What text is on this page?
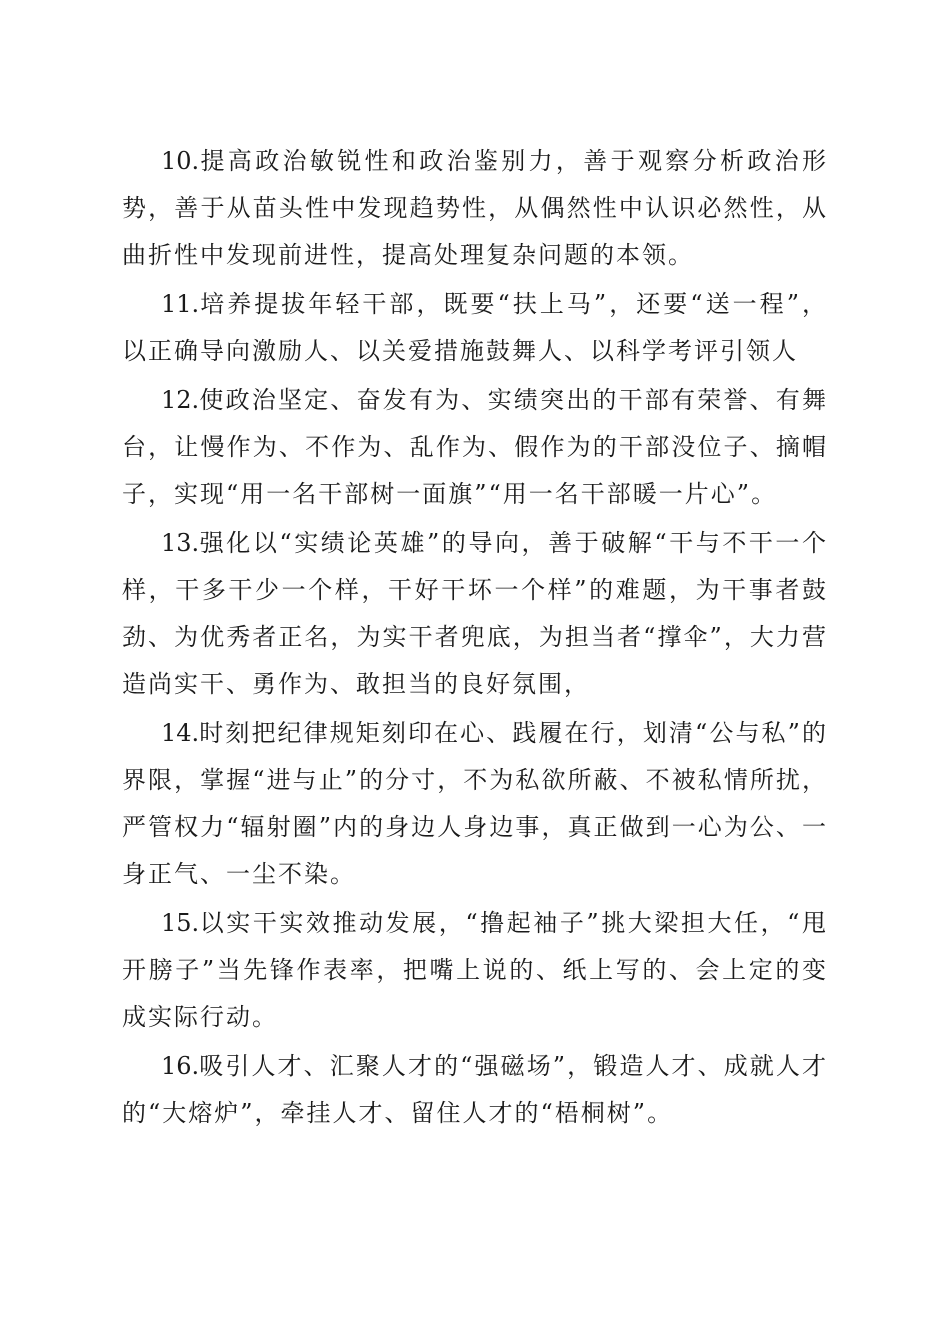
10.提高政治敏锐性和政治鉴别力，善于观察分析政治形势，善于从苗头性中发现趋势性，从偶然性中认识必然性，从曲折性中发现前进性，提高处理复杂问题的本领。

11.培养提拔年轻干部，既要“扶上马”，还要“送一程”，以正确导向激励人、以关爱措施鼓舞人、以科学考评引领人

12.使政治坚定、奋发有为、实绩突出的干部有荣誉、有舞台，让慢作为、不作为、乱作为、假作为的干部没位子、摘帽子，实现“用一名干部树一面旗”“用一名干部暖一片心”。

13.强化以“实绩论英雄”的导向，善于破解“干与不干一个样，干多干少一个样，干好干坏一个样”的难题，为干事者鼓劲、为优秀者正名，为实干者兜底，为担当者“撑伞”，大力营造尚实干、勇作为、敢担当的良好氛围，

14.时刻把纪律规矩刻印在心、践履在行，划清“公与私”的界限，掌握“进与止”的分寸，不为私欲所蔽、不被私情所扰，严管权力“辐射圈”内的身边人身边事，真正做到一心为公、一身正气、一尘不染。

15.以实干实效推动发展，“撸起袖子”挑大梁担大任，“甩开膀子”当先锋作表率，把嘴上说的、纸上写的、会上定的变成实际行动。

16.吸引人才、汇聚人才的“强磁场”，锻造人才、成就人才的“大熔炉”，牵挂人才、留住人才的“梧桐树”。
